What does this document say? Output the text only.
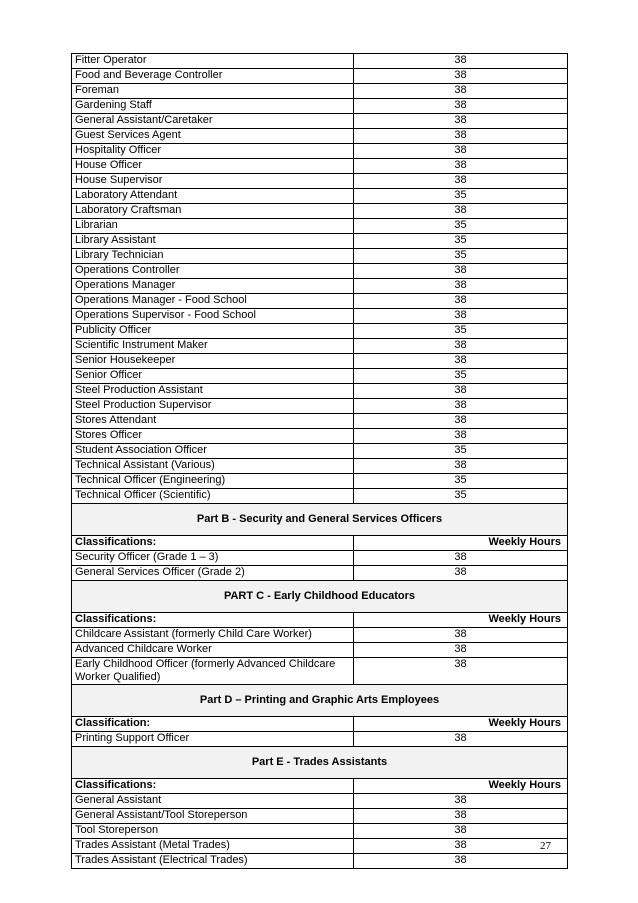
Fitter Operator	38
Food and Beverage Controller	38
Foreman	38
Gardening Staff	38
General Assistant/Caretaker	38
Guest Services Agent	38
Hospitality Officer	38
House Officer	38
House Supervisor	38
Laboratory Attendant	35
Laboratory Craftsman	38
Librarian	35
Library Assistant	35
Library Technician	35
Operations Controller	38
Operations Manager	38
Operations Manager - Food School	38
Operations Supervisor - Food School	38
Publicity Officer	35
Scientific Instrument Maker	38
Senior Housekeeper	38
Senior Officer	35
Steel Production Assistant	38
Steel Production Supervisor	38
Stores Attendant	38
Stores Officer	38
Student Association Officer	35
Technical Assistant (Various)	38
Technical Officer (Engineering)	35
Technical Officer (Scientific)	35
Part B - Security and General Services Officers	
Classifications:	Weekly Hours
Security Officer (Grade 1 – 3)	38
General Services Officer (Grade 2)	38
PART C - Early Childhood Educators	
Classifications:	Weekly Hours
Childcare Assistant (formerly Child Care Worker)	38
Advanced Childcare Worker	38
Early Childhood Officer (formerly Advanced Childcare Worker Qualified)	38
Part D – Printing and Graphic Arts Employees	
Classification:	Weekly Hours
Printing Support Officer	38
Part E - Trades Assistants	
Classifications:	Weekly Hours
General Assistant	38
General Assistant/Tool Storeperson	38
Tool Storeperson	38
Trades Assistant (Metal Trades)	38
Trades Assistant (Electrical Trades)	38
27
